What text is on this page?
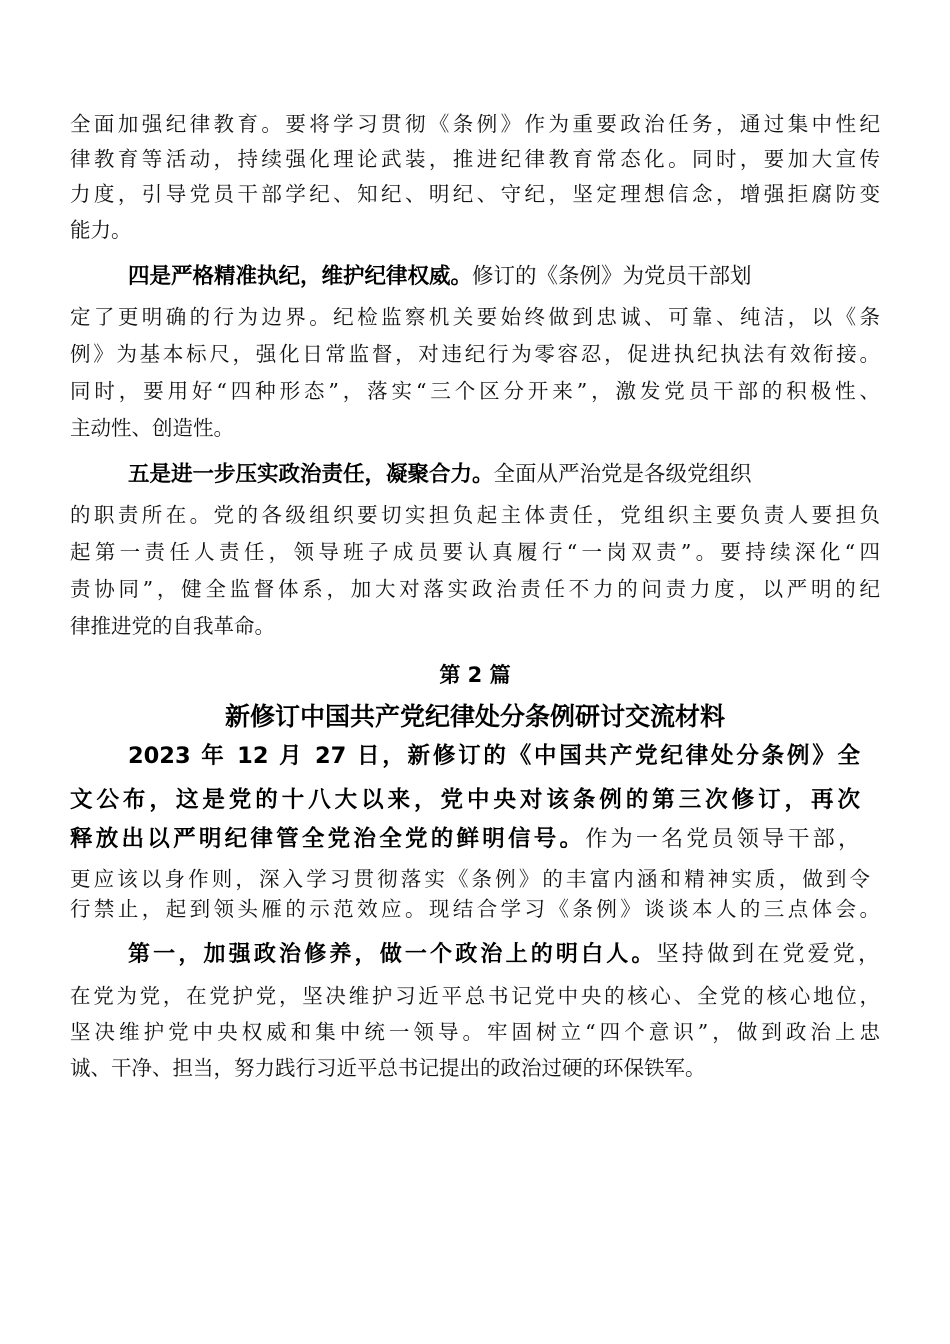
全面加强纪律教育。要将学习贯彻《条例》作为重要政治任务，通过集中性纪
律教育等活动，持续强化理论武装，推进纪律教育常态化。同时，要加大宣传
力度，引导党员干部学纪、知纪、明纪、守纪，坚定理想信念，增强拒腐防变
能力。
四是严格精准执纪，维护纪律权威。修订的《条例》为党员干部划
定了更明确的行为边界。纪检监察机关要始终做到忠诚、可靠、纯洁，以《条
例》为基本标尺，强化日常监督，对违纪行为零容忍，促进执纪执法有效衔接。
同时，要用好“四种形态”，落实“三个区分开来”，激发党员干部的积极性、
主动性、创造性。
五是进一步压实政治责任，凝聚合力。全面从严治党是各级党组织
的职责所在。党的各级组织要切实担负起主体责任，党组织主要负责人要担负
起第一责任人责任，领导班子成员要认真履行“一岗双责”。要持续深化“四
责协同”，健全监督体系，加大对落实政治责任不力的问责力度，以严明的纪
律推进党的自我革命。
第 2 篇
新修订中国共产党纪律处分条例研讨交流材料
2023 年 12 月 27 日，新修订的《中国共产党纪律处分条例》全
文公布，这是党的十八大以来，党中央对该条例的第三次修订，再次
释放出以严明纪律管全党治全党的鲜明信号。作为一名党员领导干部，
更应该以身作则，深入学习贯彻落实《条例》的丰富内涵和精神实质，做到令
行禁止，起到领头雁的示范效应。现结合学习《条例》谈谈本人的三点体会。
第一，加强政治修养，做一个政治上的明白人。坚持做到在党爱党，
在党为党，在党护党，坚决维护习近平总书记党中央的核心、全党的核心地位，
坚决维护党中央权威和集中统一领导。牢固树立“四个意识”，做到政治上忠
诚、干净、担当，努力践行习近平总书记提出的政治过硬的环保铁军。
